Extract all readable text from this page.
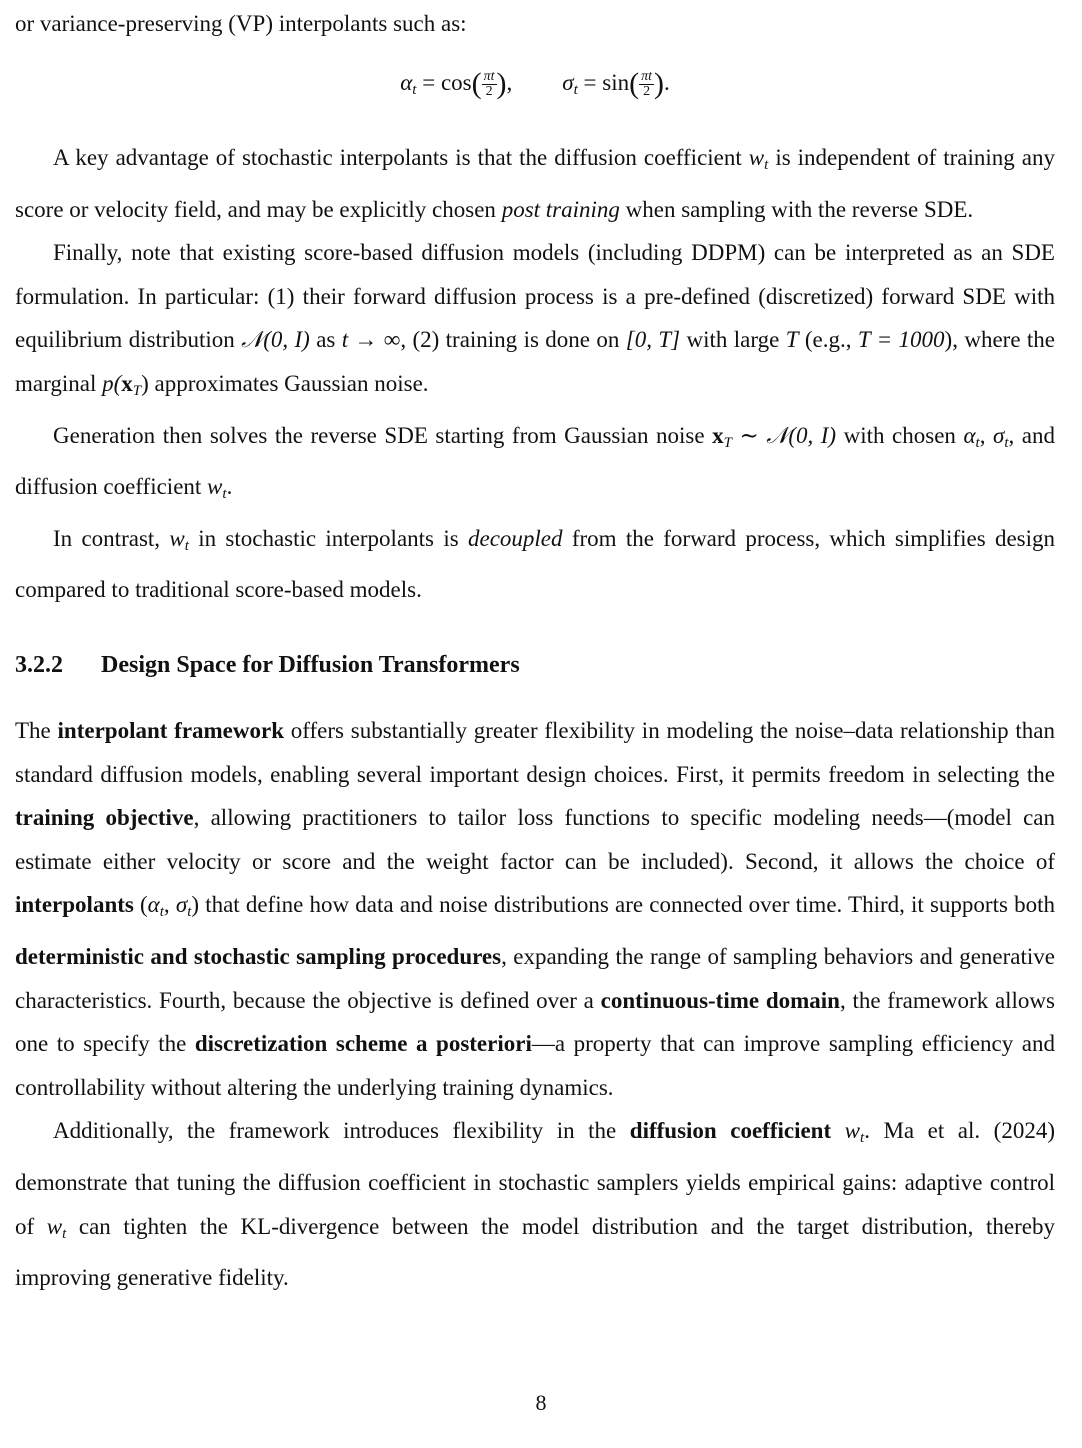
or variance-preserving (VP) interpolants such as:

$\alpha_t = \cos( \frac{\pi t}{2}$ ), $\sigma_t = \sin( \frac{\pi t}{2}$ ).

A key advantage of stochastic interpolants is that the diffusion coefficient $w_t$ is independent of training any score or velocity field, and may be explicitly chosen post training when sampling with the reverse SDE.

Finally, note that existing score-based diffusion models (including DDPM) can be interpreted as an SDE formulation. In particular: (1) their forward diffusion process is a pre-defined (discretized) forward SDE with equilibrium distribution 𝒩(0, I) as t → ∞, (2) training is done on [0, T] with large T (e.g., T = 1000), where the marginal $p(x_T)$ approximates Gaussian noise.

Generation then solves the reverse SDE starting from Gaussian noise $x_T$ ∼ 𝒩(0, I) with chosen $\alpha_t$, $\sigma_t$, and diffusion coefficient $w_t$.

In contrast, $w_t$ in stochastic interpolants is decoupled from the forward process, which simplifies design compared to traditional score-based models.

3.2.2 Design Space for Diffusion Transformers

The interpolant framework offers substantially greater flexibility in modeling the noise–data relationship than standard diffusion models, enabling several important design choices. First, it permits freedom in selecting the training objective, allowing practitioners to tailor loss functions to specific modeling needs—(model can estimate either velocity or score and the weight factor can be included). Second, it allows the choice of interpolants ($\alpha_t$, $\sigma_t$) that define how data and noise distributions are connected over time. Third, it supports both deterministic and stochastic sampling procedures, expanding the range of sampling behaviors and generative characteristics. Fourth, because the objective is defined over a continuous-time domain, the framework allows one to specify the discretization scheme a posteriori—a property that can improve sampling efficiency and controllability without altering the underlying training dynamics.

Additionally, the framework introduces flexibility in the diffusion coefficient $w_t$. Ma et al. (2024) demonstrate that tuning the diffusion coefficient in stochastic samplers yields empirical gains: adaptive control of $w_t$ can tighten the KL-divergence between the model distribution and the target distribution, thereby improving generative fidelity.

8
